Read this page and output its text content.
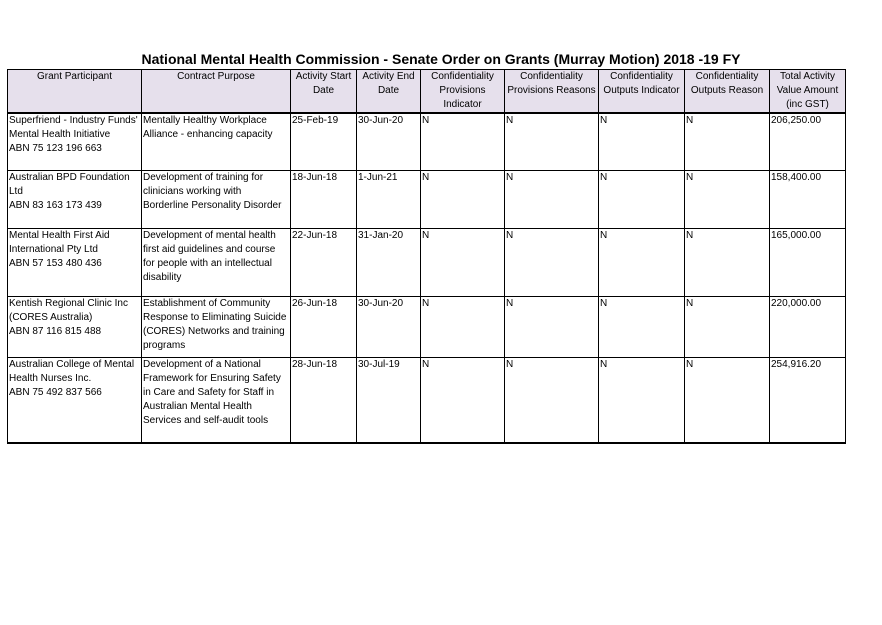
National Mental Health Commission - Senate Order on Grants (Murray Motion) 2018 -19 FY
Grant Participant	Contract Purpose	Activity Start Date	Activity End Date	Confidentiality Provisions Indicator	Confidentiality Provisions Reasons	Confidentiality Outputs Indicator	Confidentiality Outputs Reason	Total Activity Value Amount (inc GST)

Superfriend - Industry Funds' Mental Health Initiative
ABN 75 123 196 663	Mentally Healthy Workplace Alliance - enhancing capacity	25-Feb-19	30-Jun-20	N	N	N	N	206,250.00

Australian BPD Foundation Ltd
ABN 83 163 173 439	Development of training for clinicians working with Borderline Personality Disorder	18-Jun-18	1-Jun-21	N	N	N	N	158,400.00

Mental Health First Aid International Pty Ltd
ABN 57 153 480 436	Development of mental health first aid guidelines and course for people with an intellectual disability	22-Jun-18	31-Jan-20	N	N	N	N	165,000.00

Kentish Regional Clinic Inc (CORES Australia)
ABN 87 116 815 488	Establishment of Community Response to Eliminating Suicide (CORES) Networks and training programs	26-Jun-18	30-Jun-20	N	N	N	N	220,000.00

Australian College of Mental Health Nurses Inc.
ABN 75 492 837 566	Development of a National Framework for Ensuring Safety in Care and Safety for Staff in Australian Mental Health Services and self-audit tools	28-Jun-18	30-Jul-19	N	N	N	N	254,916.20
